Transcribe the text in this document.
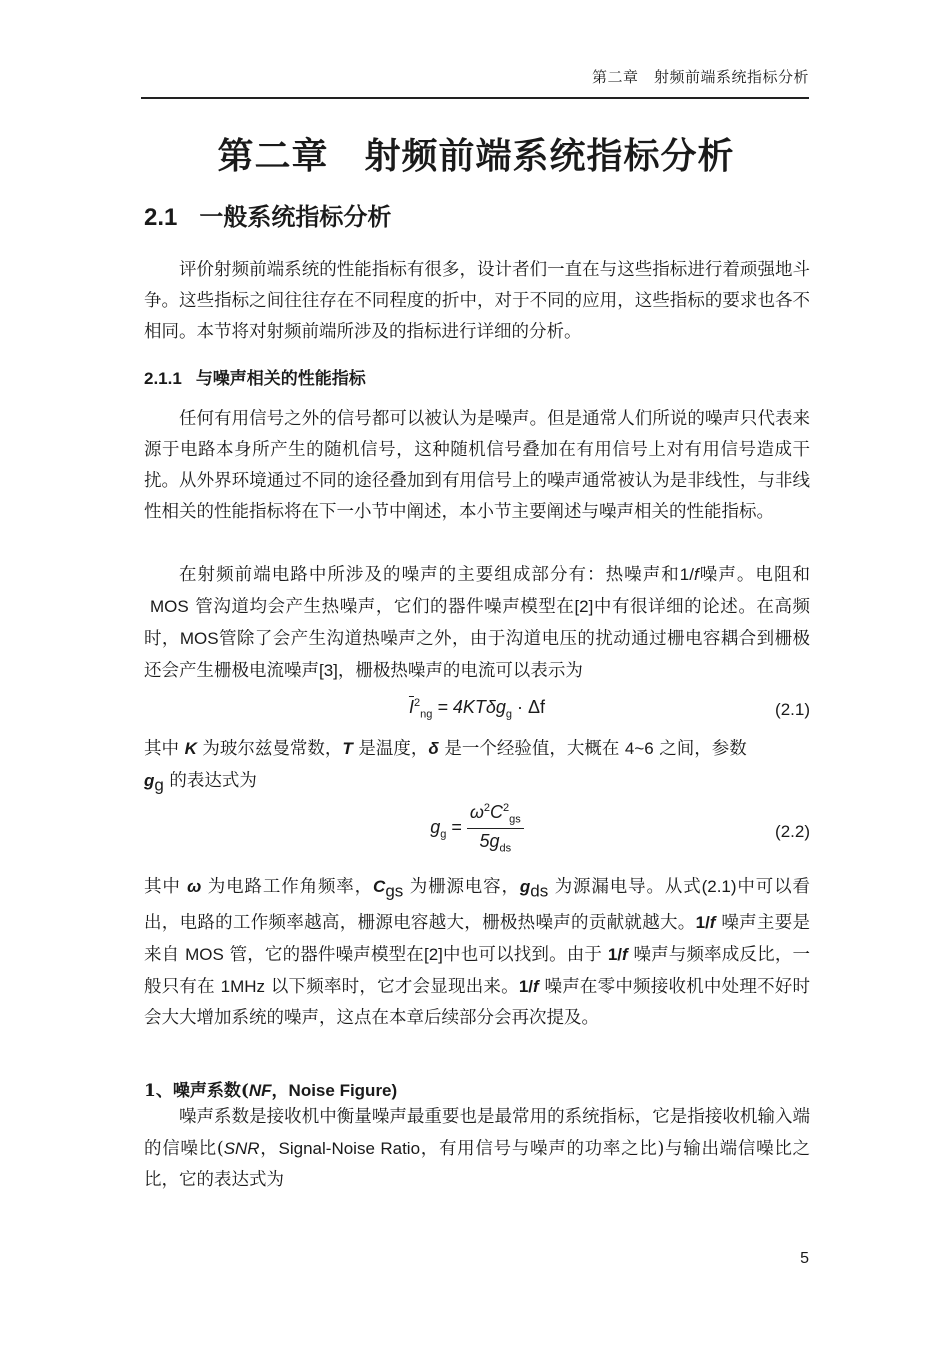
第二章　射频前端系统指标分析
第二章 射频前端系统指标分析
2.1 一般系统指标分析

评价射频前端系统的性能指标有很多，设计者们一直在与这些指标进行着顽强地斗争。这些指标之间往往存在不同程度的折中，对于不同的应用，这些指标的要求也各不相同。本节将对射频前端所涉及的指标进行详细的分析。

2.1.1 与噪声相关的性能指标

任何有用信号之外的信号都可以被认为是噪声。但是通常人们所说的噪声只代表来源于电路本身所产生的随机信号，这种随机信号叠加在有用信号上对有用信号造成干扰。从外界环境通过不同的途径叠加到有用信号上的噪声通常被认为是非线性，与非线性相关的性能指标将在下一小节中阐述，本小节主要阐述与噪声相关的性能指标。

在射频前端电路中所涉及的噪声的主要组成部分有：热噪声和1/f噪声。电阻和MOS 管沟道均会产生热噪声，它们的器件噪声模型在[2]中有很详细的论述。在高频时，MOS管除了会产生沟道热噪声之外，由于沟道电压的扰动通过栅电容耦合到栅极还会产生栅极电流噪声[3]，栅极热噪声的电流可以表示为

$\overline{I}^2_{ng} = 4KT\delta g_g \cdot \Delta f$	(2.1)

其中 K 为玻尔兹曼常数，T 是温度，δ 是一个经验值，大概在 4~6 之间，参数
$g_g$ 的表达式为

$g_g = \frac{\omega^2C^2_{gs}}{5g_{ds}}$	(2.2)

其中 ω 为电路工作角频率，$C_{gs}$ 为栅源电容，$g_{ds}$ 为源漏电导。从式(2.1)中可以看出，电路的工作频率越高，栅源电容越大，栅极热噪声的贡献就越大。1/f 噪声主要是来自 MOS 管，它的器件噪声模型在[2]中也可以找到。由于 1/f 噪声与频率成反比，一般只有在 1MHz 以下频率时，它才会显现出来。1/f 噪声在零中频接收机中处理不好时会大大增加系统的噪声，这点在本章后续部分会再次提及。

1、噪声系数(NF，Noise Figure)

噪声系数是接收机中衡量噪声最重要也是最常用的系统指标，它是指接收机输入端的信噪比(SNR，Signal-Noise Ratio，有用信号与噪声的功率之比)与输出端信噪比之比，它的表达式为

5
